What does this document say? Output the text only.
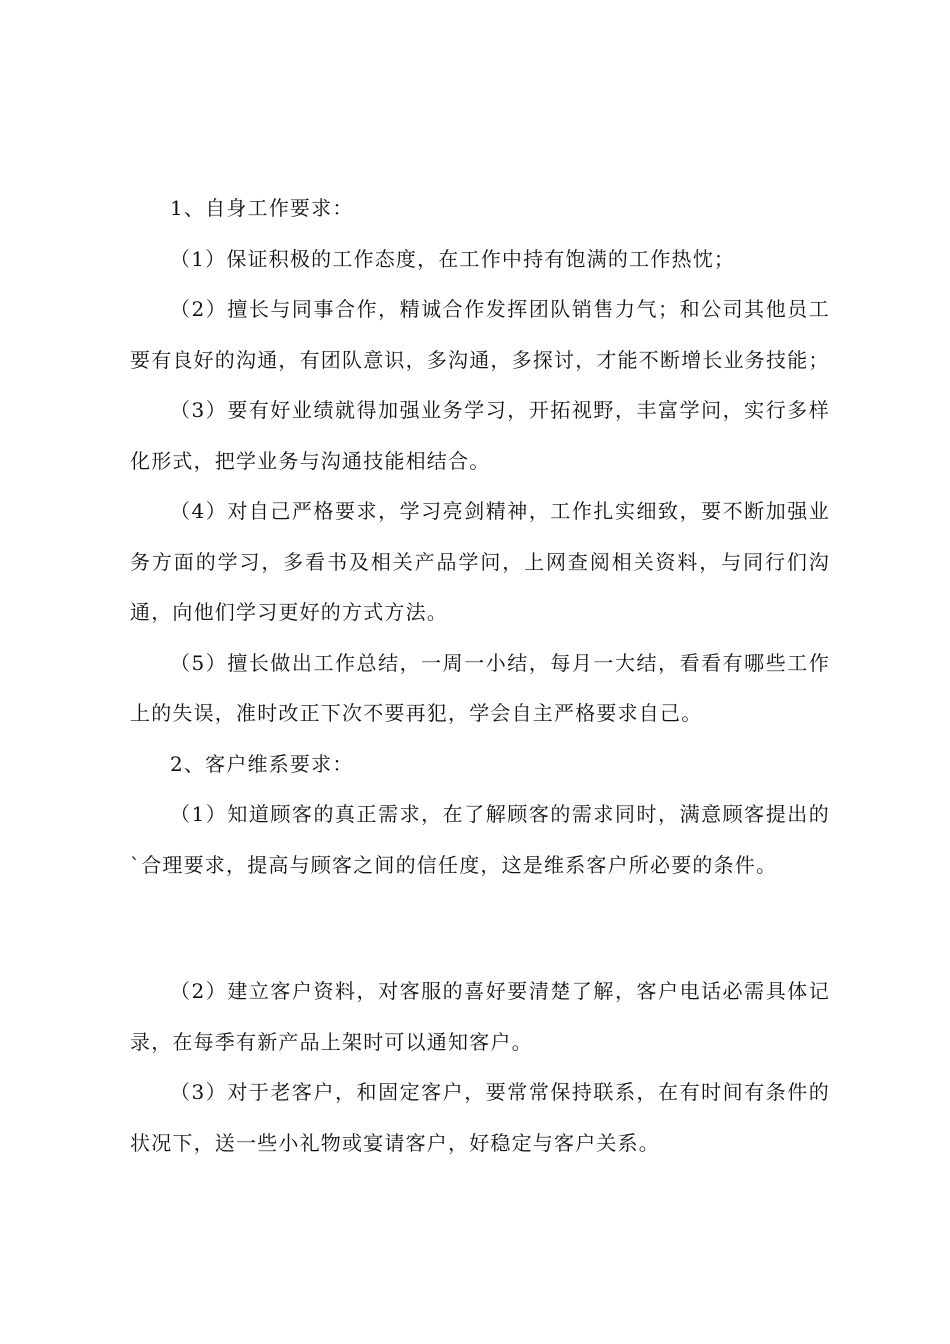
1、自身工作要求：

（1）保证积极的工作态度，在工作中持有饱满的工作热忱；

（2）擅长与同事合作，精诚合作发挥团队销售力气；和公司其他员工要有良好的沟通，有团队意识，多沟通，多探讨，才能不断增长业务技能；

（3）要有好业绩就得加强业务学习，开拓视野，丰富学问，实行多样化形式，把学业务与沟通技能相结合。

（4）对自己严格要求，学习亮剑精神，工作扎实细致，要不断加强业务方面的学习，多看书及相关产品学问，上网查阅相关资料，与同行们沟通，向他们学习更好的方式方法。

（5）擅长做出工作总结，一周一小结，每月一大结，看看有哪些工作上的失误，准时改正下次不要再犯，学会自主严格要求自己。

2、客户维系要求：

（1）知道顾客的真正需求，在了解顾客的需求同时，满意顾客提出的`合理要求，提高与顾客之间的信任度，这是维系客户所必要的条件。

（2）建立客户资料，对客服的喜好要清楚了解，客户电话必需具体记录，在每季有新产品上架时可以通知客户。

（3）对于老客户，和固定客户，要常常保持联系，在有时间有条件的状况下，送一些小礼物或宴请客户，好稳定与客户关系。
